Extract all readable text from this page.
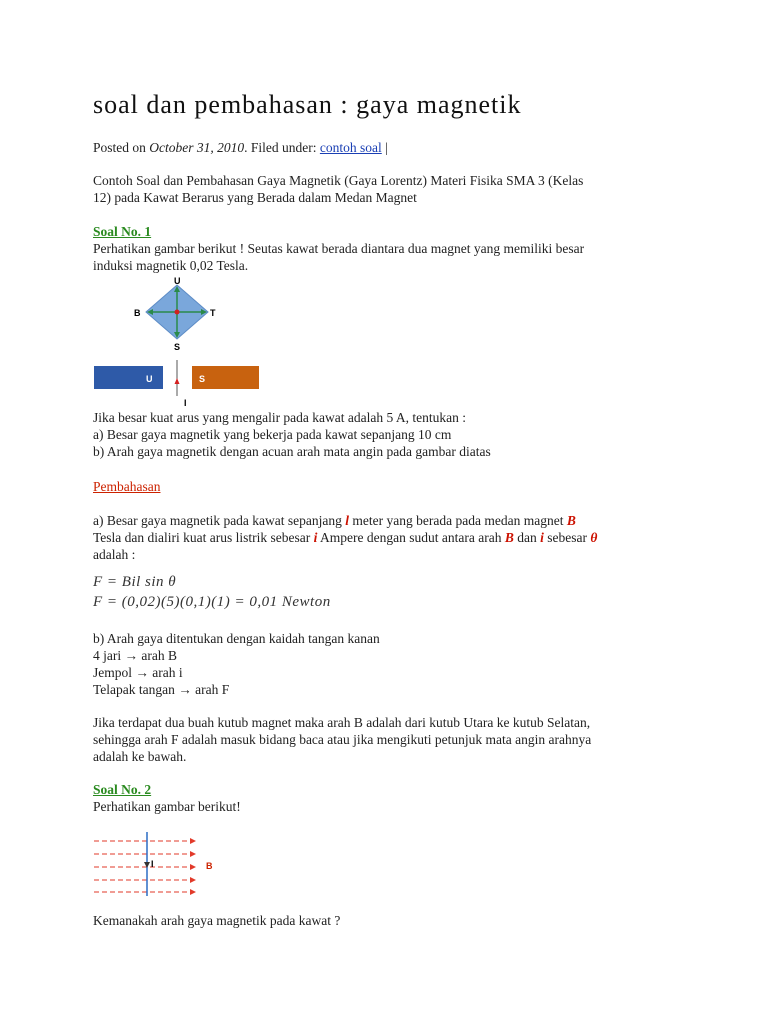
soal dan pembahasan : gaya magnetik
Posted on October 31, 2010. Filed under: contoh soal |
Contoh Soal dan Pembahasan Gaya Magnetik (Gaya Lorentz) Materi Fisika SMA 3 (Kelas
12) pada Kawat Berarus yang Berada dalam Medan Magnet
Soal No. 1
Perhatikan gambar berikut ! Seutas kawat berada diantara dua magnet yang memiliki besar
induksi magnetik 0,02 Tesla.
U
S
B	T
U	S
I
Jika besar kuat arus yang mengalir pada kawat adalah 5 A, tentukan :
a) Besar gaya magnetik yang bekerja pada kawat sepanjang 10 cm
b) Arah gaya magnetik dengan acuan arah mata angin pada gambar diatas
Pembahasan
a) Besar gaya magnetik pada kawat sepanjang l meter yang berada pada medan magnet B
Tesla dan dialiri kuat arus listrik sebesar i Ampere dengan sudut antara arah B dan i sebesar θ
adalah :
F = Bil sin θ
F = (0,02)(5)(0,1)(1) = 0,01 Newton
b) Arah gaya ditentukan dengan kaidah tangan kanan
4 jari → arah B
Jempol → arah i
Telapak tangan → arah F
Jika terdapat dua buah kutub magnet maka arah B adalah dari kutub Utara ke kutub Selatan,
sehingga arah F adalah masuk bidang baca atau jika mengikuti petunjuk mata angin arahnya
adalah ke bawah.
Soal No. 2
Perhatikan gambar berikut!
I	B
Kemanakah arah gaya magnetik pada kawat ?
